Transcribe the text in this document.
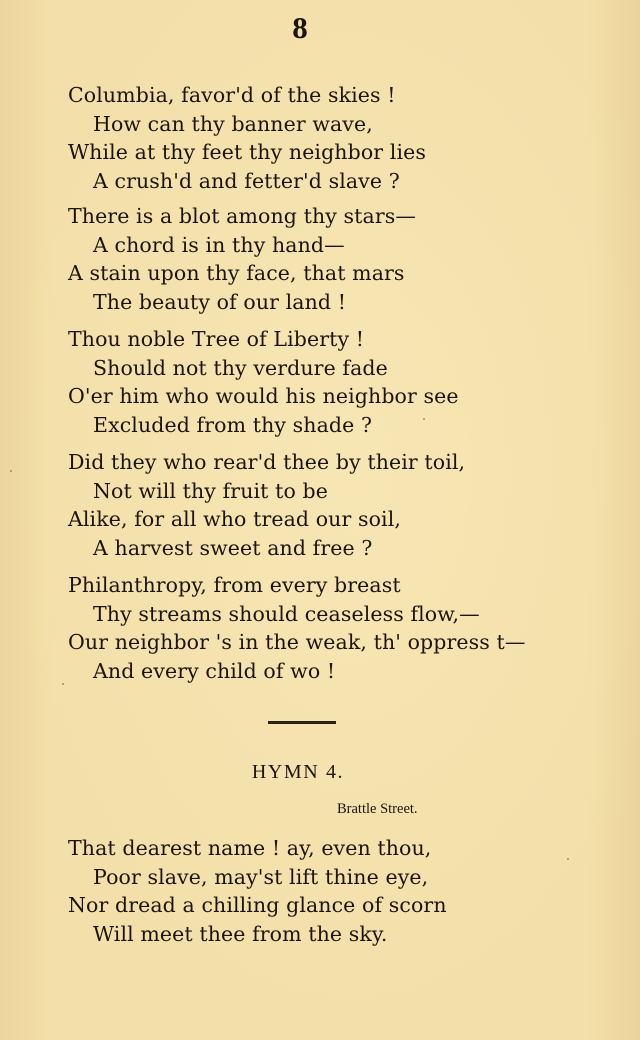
8
Columbia, favor'd of the skies !
How can thy banner wave,
While at thy feet thy neighbor lies
A crush'd and fetter'd slave ?
There is a blot among thy stars—
A chord is in thy hand—
A stain upon thy face, that mars
The beauty of our land !
Thou noble Tree of Liberty !
Should not thy verdure fade
O'er him who would his neighbor see
Excluded from thy shade ?
Did they who rear'd thee by their toil,
Not will thy fruit to be
Alike, for all who tread our soil,
A harvest sweet and free ?
Philanthropy, from every breast
Thy streams should ceaseless flow,—
Our neighbor 's in the weak, th' oppress t—
And every child of wo !
HYMN 4.
Brattle Street.
That dearest name ! ay, even thou,
Poor slave, may'st lift thine eye,
Nor dread a chilling glance of scorn
Will meet thee from the sky.
